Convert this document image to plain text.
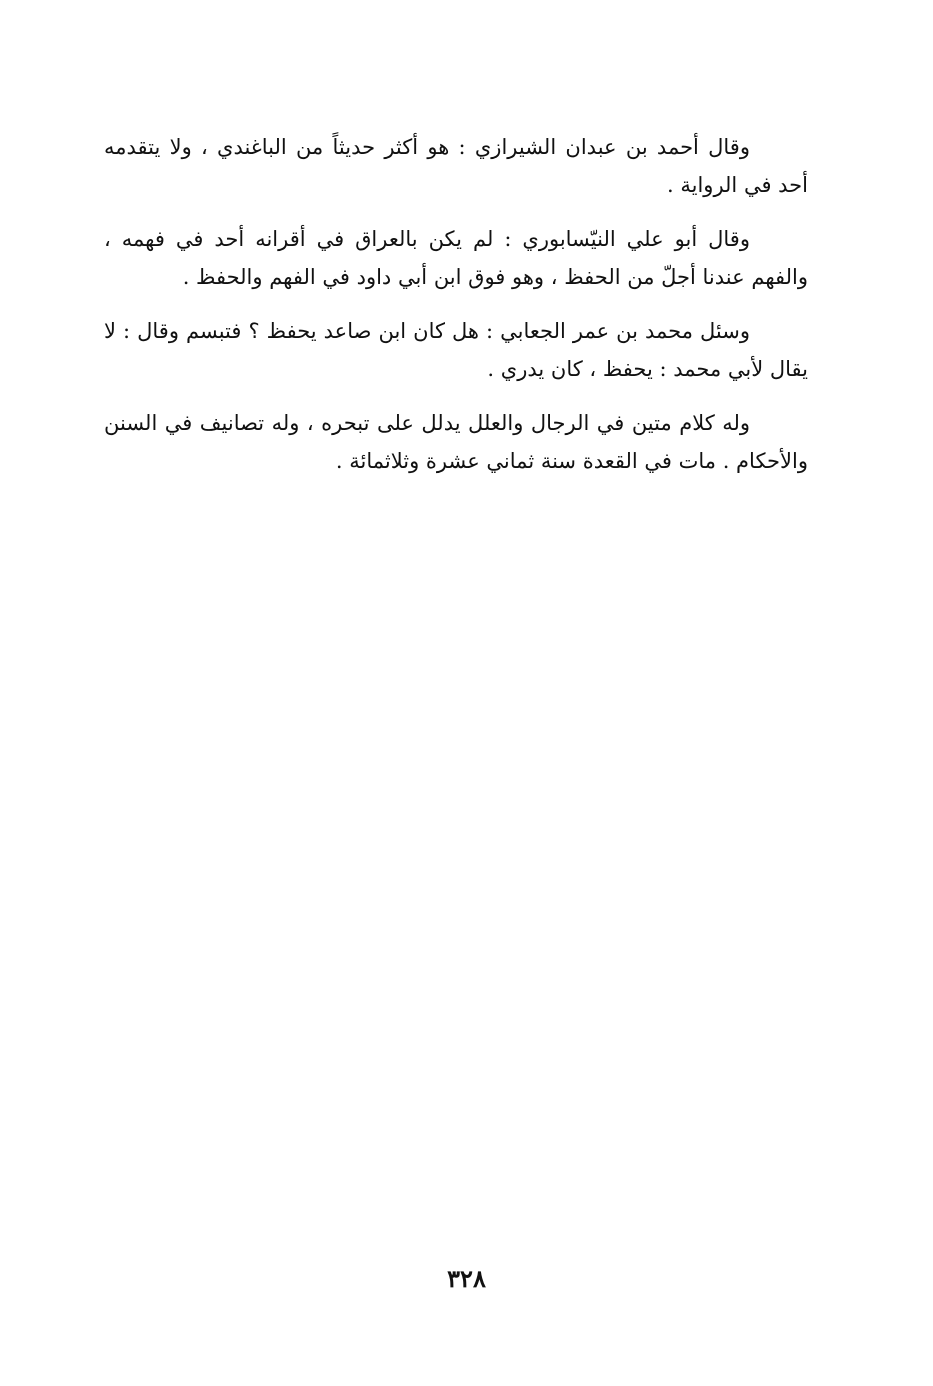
وقال أحمد بن عبدان الشيرازي : هو أكثر حديثاً من الباغندي ، ولا يتقدمه أحد في الرواية .

وقال أبو علي النيّسابوري : لم يكن بالعراق في أقرانه أحد في فهمه ، والفهم عندنا أجلّ من الحفظ ، وهو فوق ابن أبي داود في الفهم والحفظ .

وسئل محمد بن عمر الجعابي : هل كان ابن صاعد يحفظ ؟ فتبسم وقال : لا يقال لأبي محمد : يحفظ ، كان يدري .

وله كلام متين في الرجال والعلل يدلل على تبحره ، وله تصانيف في السنن والأحكام . مات في القعدة سنة ثماني عشرة وثلاثمائة .

٣٢٨
